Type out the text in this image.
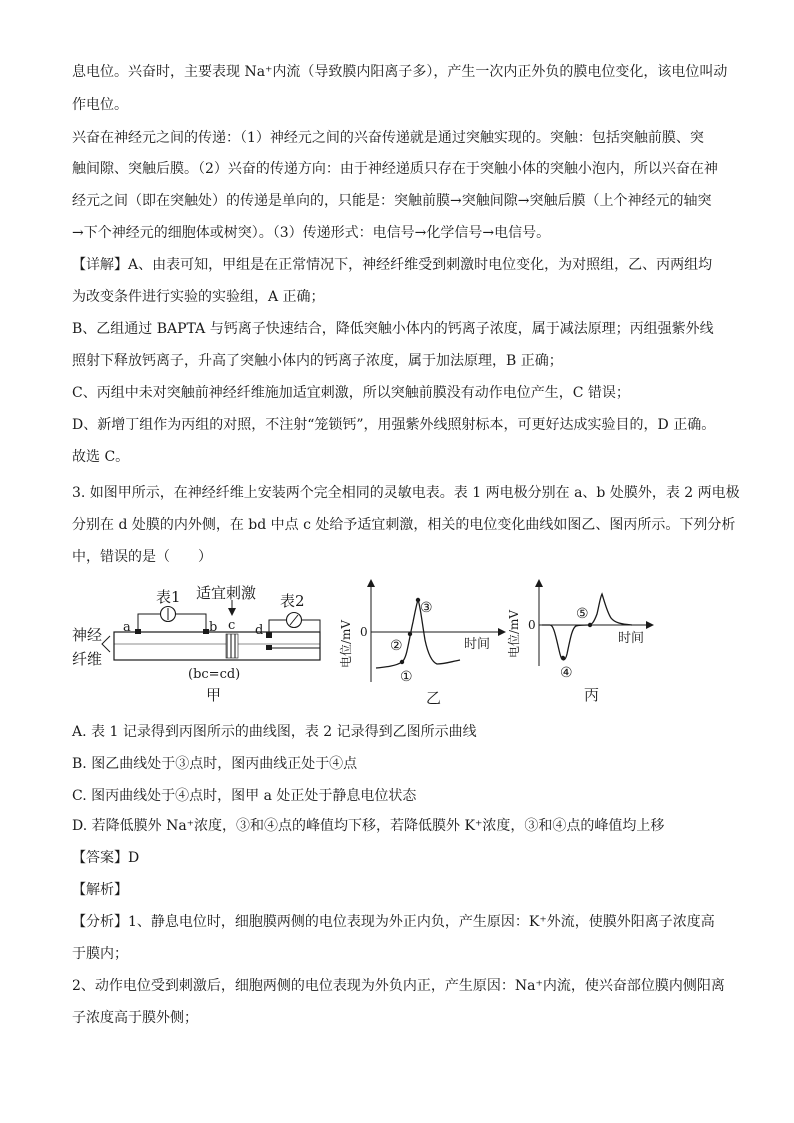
息电位。兴奋时，主要表现 Na⁺内流（导致膜内阳离子多），产生一次内正外负的膜电位变化，该电位叫动
作电位。
兴奋在神经元之间的传递：（1）神经元之间的兴奋传递就是通过突触实现的。突触：包括突触前膜、突
触间隙、突触后膜。（2）兴奋的传递方向：由于神经递质只存在于突触小体的突触小泡内，所以兴奋在神
经元之间（即在突触处）的传递是单向的，只能是：突触前膜→突触间隙→突触后膜（上个神经元的轴突
→下个神经元的细胞体或树突）。（3）传递形式：电信号→化学信号→电信号。
【详解】A、由表可知，甲组是在正常情况下，神经纤维受到刺激时电位变化，为对照组，乙、丙两组均
为改变条件进行实验的实验组，A 正确；
B、乙组通过 BAPTA 与钙离子快速结合，降低突触小体内的钙离子浓度，属于减法原理；丙组强紫外线
照射下释放钙离子，升高了突触小体内的钙离子浓度，属于加法原理，B 正确；
C、丙组中未对突触前神经纤维施加适宜刺激，所以突触前膜没有动作电位产生，C 错误；
D、新增丁组作为丙组的对照，不注射“笼锁钙”，用强紫外线照射标本，可更好达成实验目的，D 正确。
故选 C。
3. 如图甲所示，在神经纤维上安装两个完全相同的灵敏电表。表 1 两电极分别在 a、b 处膜外，表 2 两电极
分别在 d 处膜的内外侧，在 bd 中点 c 处给予适宜刺激，相关的电位变化曲线如图乙、图丙所示。下列分析
中，错误的是（　　）
表1
a	b
适宜刺激
c
表2
d
神经
纤维
(bc=cd)
甲
电位/mV 0
时间
①
②
③
乙
电位/mV 0
时间
④
⑤
丙
A. 表 1 记录得到丙图所示的曲线图，表 2 记录得到乙图所示曲线
B. 图乙曲线处于③点时，图丙曲线正处于④点
C. 图丙曲线处于④点时，图甲 a 处正处于静息电位状态
D. 若降低膜外 Na⁺浓度，③和④点的峰值均下移，若降低膜外 K⁺浓度，③和④点的峰值均上移
【答案】D
【解析】
【分析】1、静息电位时，细胞膜两侧的电位表现为外正内负，产生原因：K⁺外流，使膜外阳离子浓度高
于膜内；
2、动作电位受到刺激后，细胞两侧的电位表现为外负内正，产生原因：Na⁺内流，使兴奋部位膜内侧阳离
子浓度高于膜外侧；
